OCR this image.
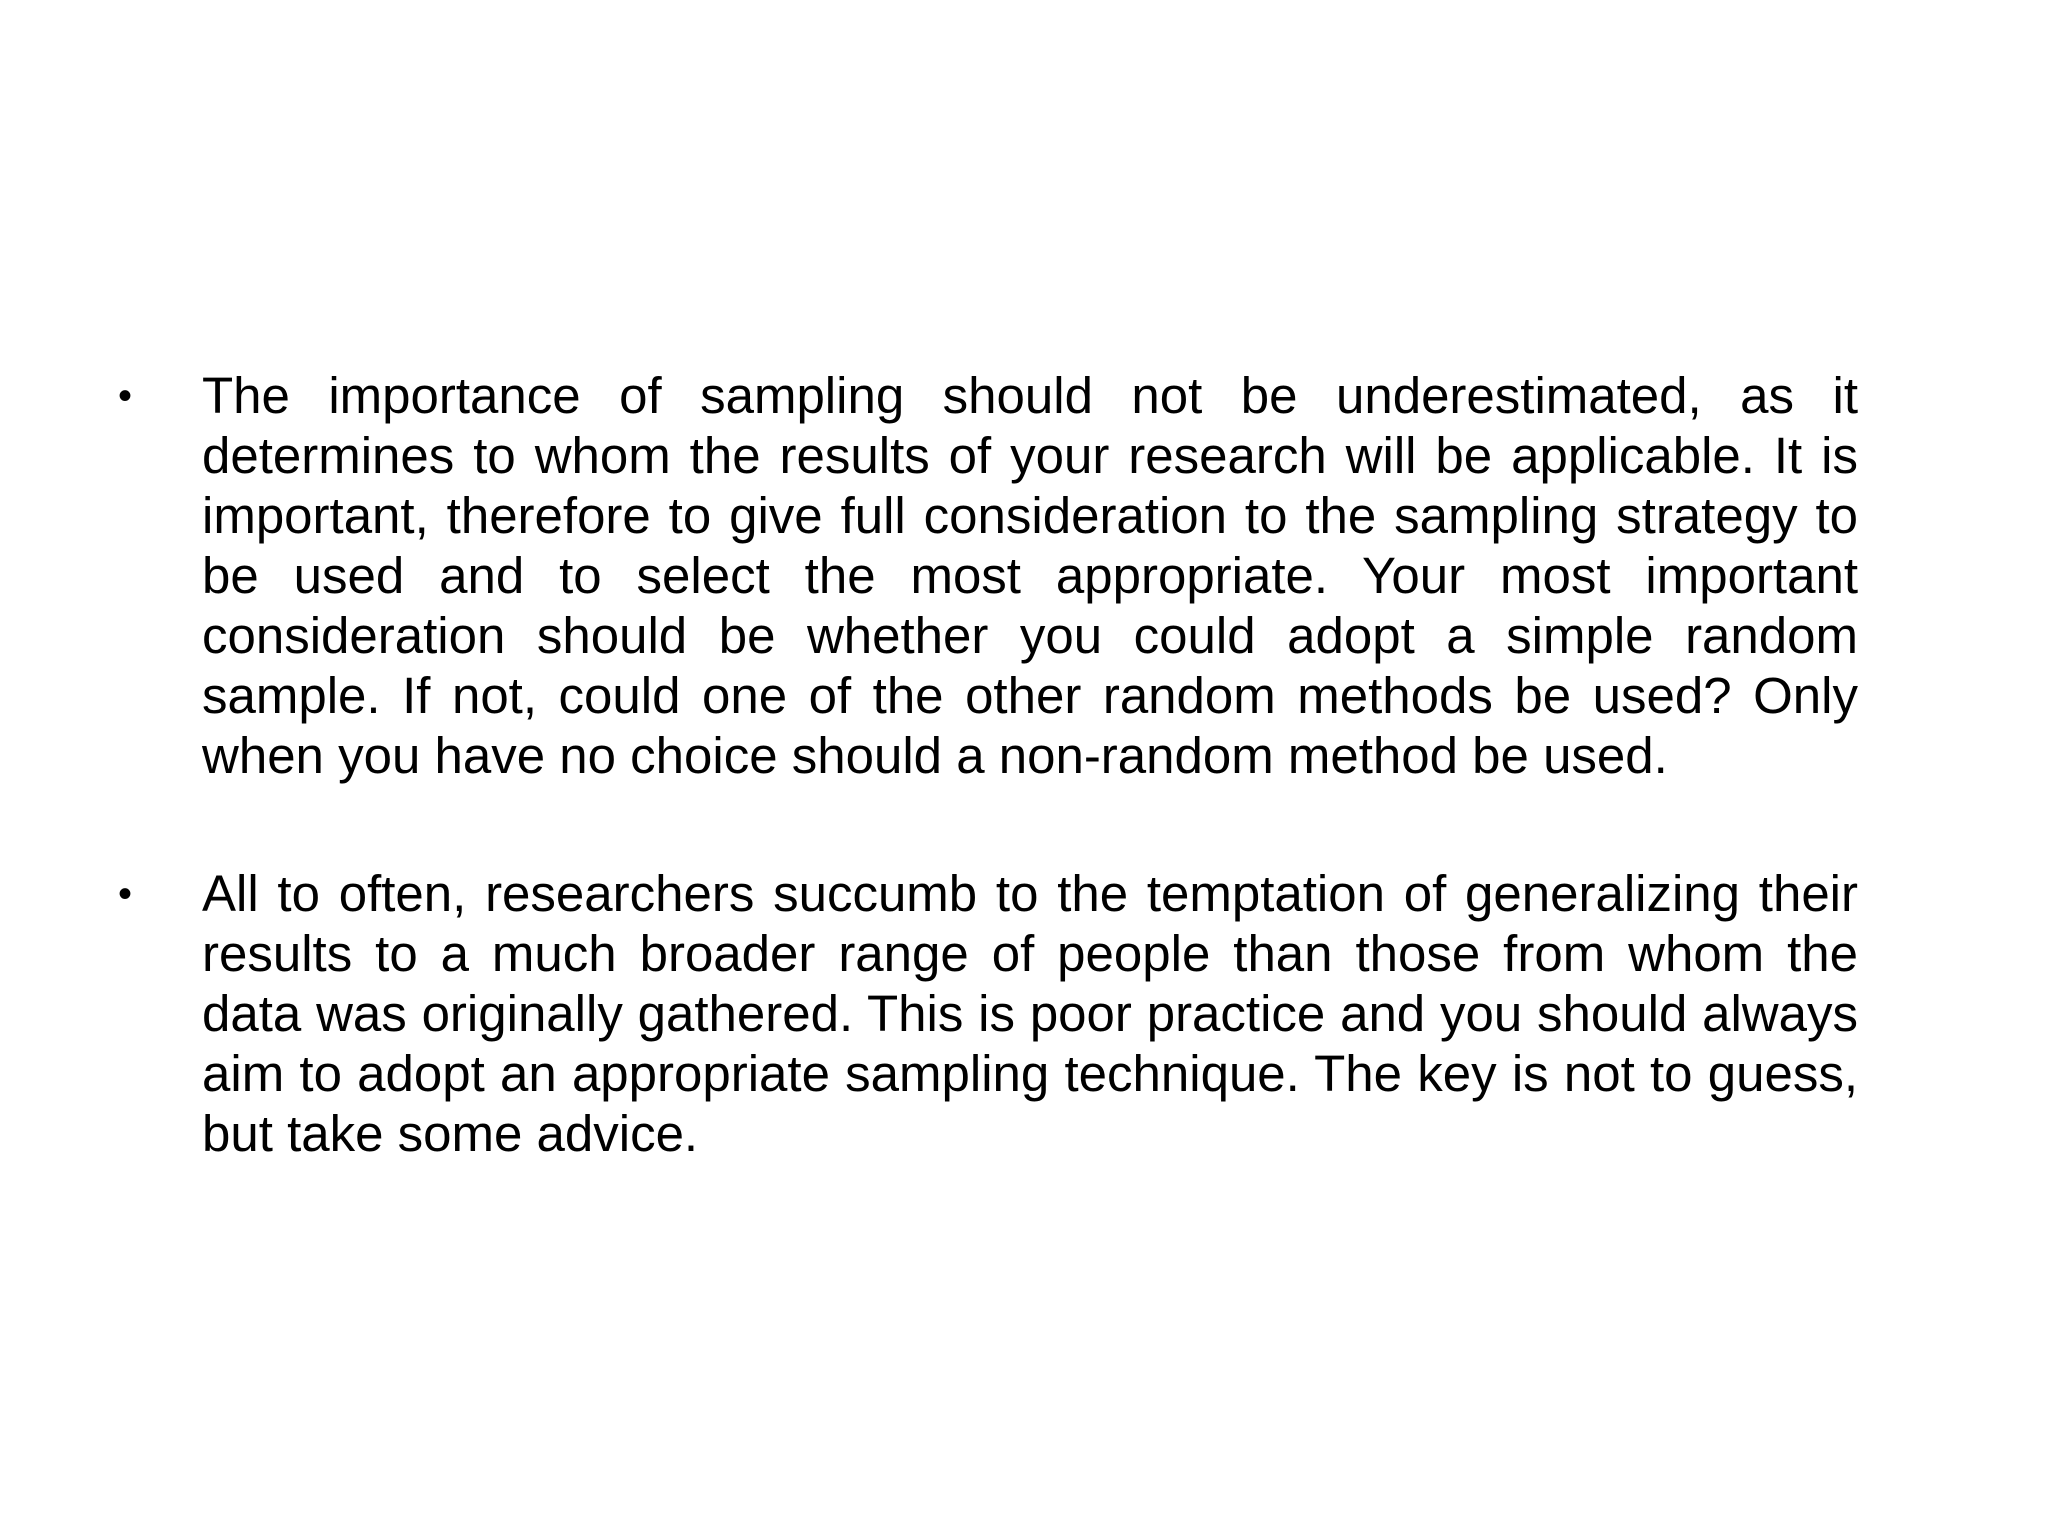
•	The importance of sampling should not be underestimated, as it determines to whom the results of your research will be applicable. It is important, therefore to give full consideration to the sampling strategy to be used and to select the most appropriate. Your most important consideration should be whether you could adopt a simple random sample. If not, could one of the other random methods be used? Only when you have no choice should a non-random method be used.
•	All to often, researchers succumb to the temptation of generalizing their results to a much broader range of people than those from whom the data was originally gathered. This is poor practice and you should always aim to adopt an appropriate sampling technique. The key is not to guess, but take some advice.
